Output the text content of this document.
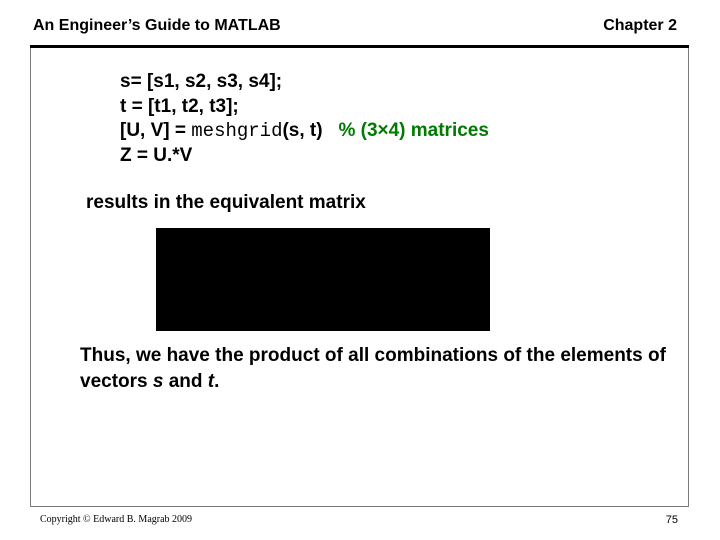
An Engineer’s Guide to MATLAB	Chapter 2
s= [s1, s2, s3, s4];
t = [t1, t2, t3];
[U, V] = meshgrid(s, t) % (3×4) matrices
Z = U.*V
results in the equivalent matrix
Thus, we have the product of all combinations of the elements of vectors s and t.
Copyright © Edward B. Magrab 2009	75
